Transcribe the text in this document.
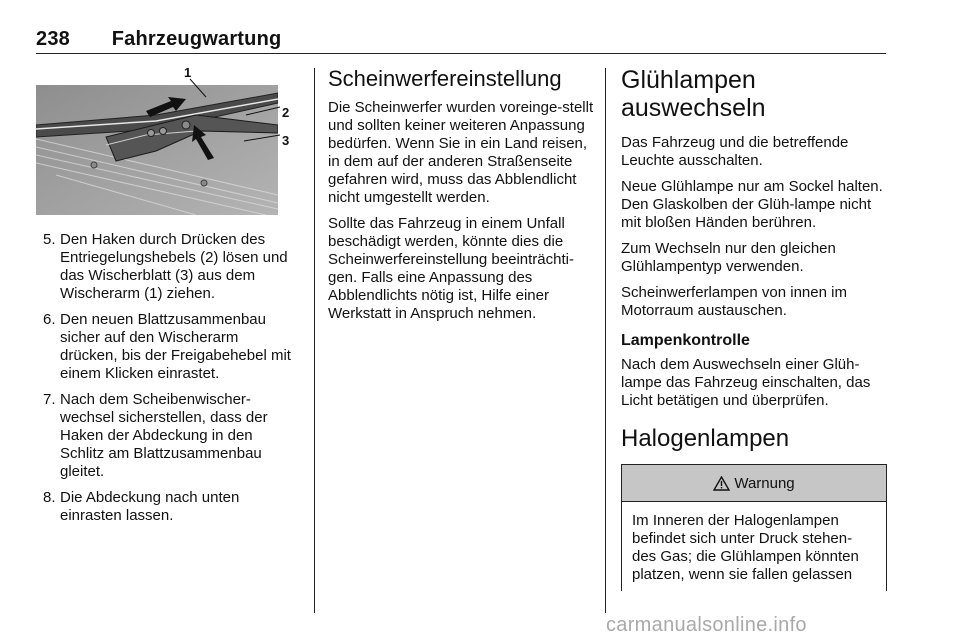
238 Fahrzeugwartung
1
2
3
5. Den Haken durch Drücken des Entriegelungshebels (2) lösen und das Wischerblatt (3) aus dem Wischerarm (1) ziehen.
6. Den neuen Blattzusammenbau sicher auf den Wischerarm drücken, bis der Freigabehebel mit einem Klicken einrastet.
7. Nach dem Scheibenwischer-wechsel sicherstellen, dass der Haken der Abdeckung in den Schlitz am Blattzusammenbau gleitet.
8. Die Abdeckung nach unten einrasten lassen.
Scheinwerfereinstellung

Die Scheinwerfer wurden voreinge-stellt und sollten keiner weiteren Anpassung bedürfen. Wenn Sie in ein Land reisen, in dem auf der anderen Straßenseite gefahren wird, muss das Abblendlicht nicht umgestellt werden.

Sollte das Fahrzeug in einem Unfall beschädigt werden, könnte dies die Scheinwerfereinstellung beeinträchti-gen. Falls eine Anpassung des Abblendlichts nötig ist, Hilfe einer Werkstatt in Anspruch nehmen.

Glühlampen
auswechseln

Das Fahrzeug und die betreffende Leuchte ausschalten.

Neue Glühlampe nur am Sockel halten. Den Glaskolben der Glüh-lampe nicht mit bloßen Händen berühren.

Zum Wechseln nur den gleichen Glühlampentyp verwenden.

Scheinwerferlampen von innen im Motorraum austauschen.

Lampenkontrolle

Nach dem Auswechseln einer Glüh-lampe das Fahrzeug einschalten, das Licht betätigen und überprüfen.

Halogenlampen
Warnung
Im Inneren der Halogenlampen befindet sich unter Druck stehen-des Gas; die Glühlampen könnten platzen, wenn sie fallen gelassen
carmanualsonline.info
